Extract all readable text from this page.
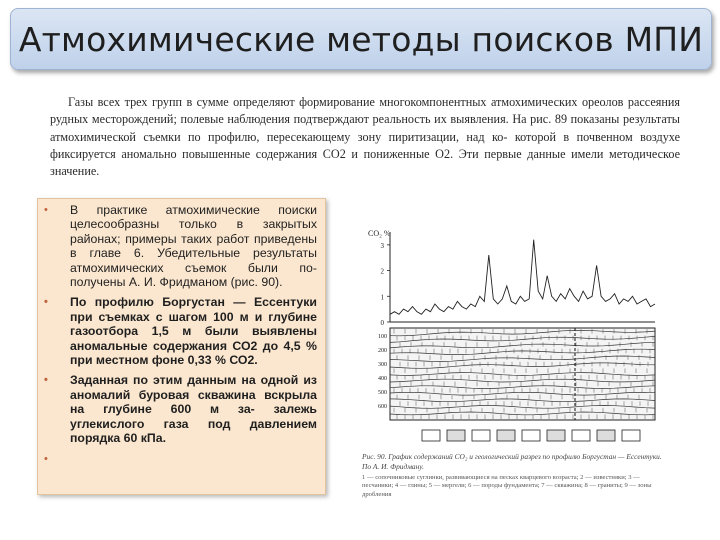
Атмохимические методы поисков МПИ

Газы всех трех групп в сумме определяют формирование многокомпонентных атмохимических ореолов рассеяния рудных месторождений; полевые наблюдения подтверждают реальность их выявления. На рис. 89 показаны результаты атмохимической съемки по профилю, пересекающему зону пиритизации, над ко- которой в почвенном воздухе фиксируется аномально повышенные содержания СО2 и пониженные О2. Эти первые данные имели методическое значение.

• В практике атмохимические поиски целесообразны только в закрытых районах; примеры таких работ приведены в главе 6. Убедительные результаты атмохимических съемок были по- получены А. И. Фридманом (рис. 90).
• По профилю Боргустан — Ессентуки при съемках с шагом 100 м и глубине газоотбора 1,5 м были выявлены аномальные содержания СО2 до 4,5 % при местном фоне 0,33 % СО2.
• Заданная по этим данным на одной из аномалий буровая скважина вскрыла на глубине 600 м за- залежь углекислого газа под давлением порядка 60 кПа.
•
CO₂ %
3
2
1
0
100
200
300
400
500
600

Рис. 90. График содержаний СО₂ и геологический разрез по профилю Боргустан — Ессентуки. По А. И. Фридману.

1 — сопочниковые суглинки, развивающиеся на песках кварцевого возраста; 2 — известняки; 3 — песчаники; 4 — глины; 5 — мергели; 6 — породы фундамента; 7 — скважина; 8 — граниты; 9 — зоны дробления
